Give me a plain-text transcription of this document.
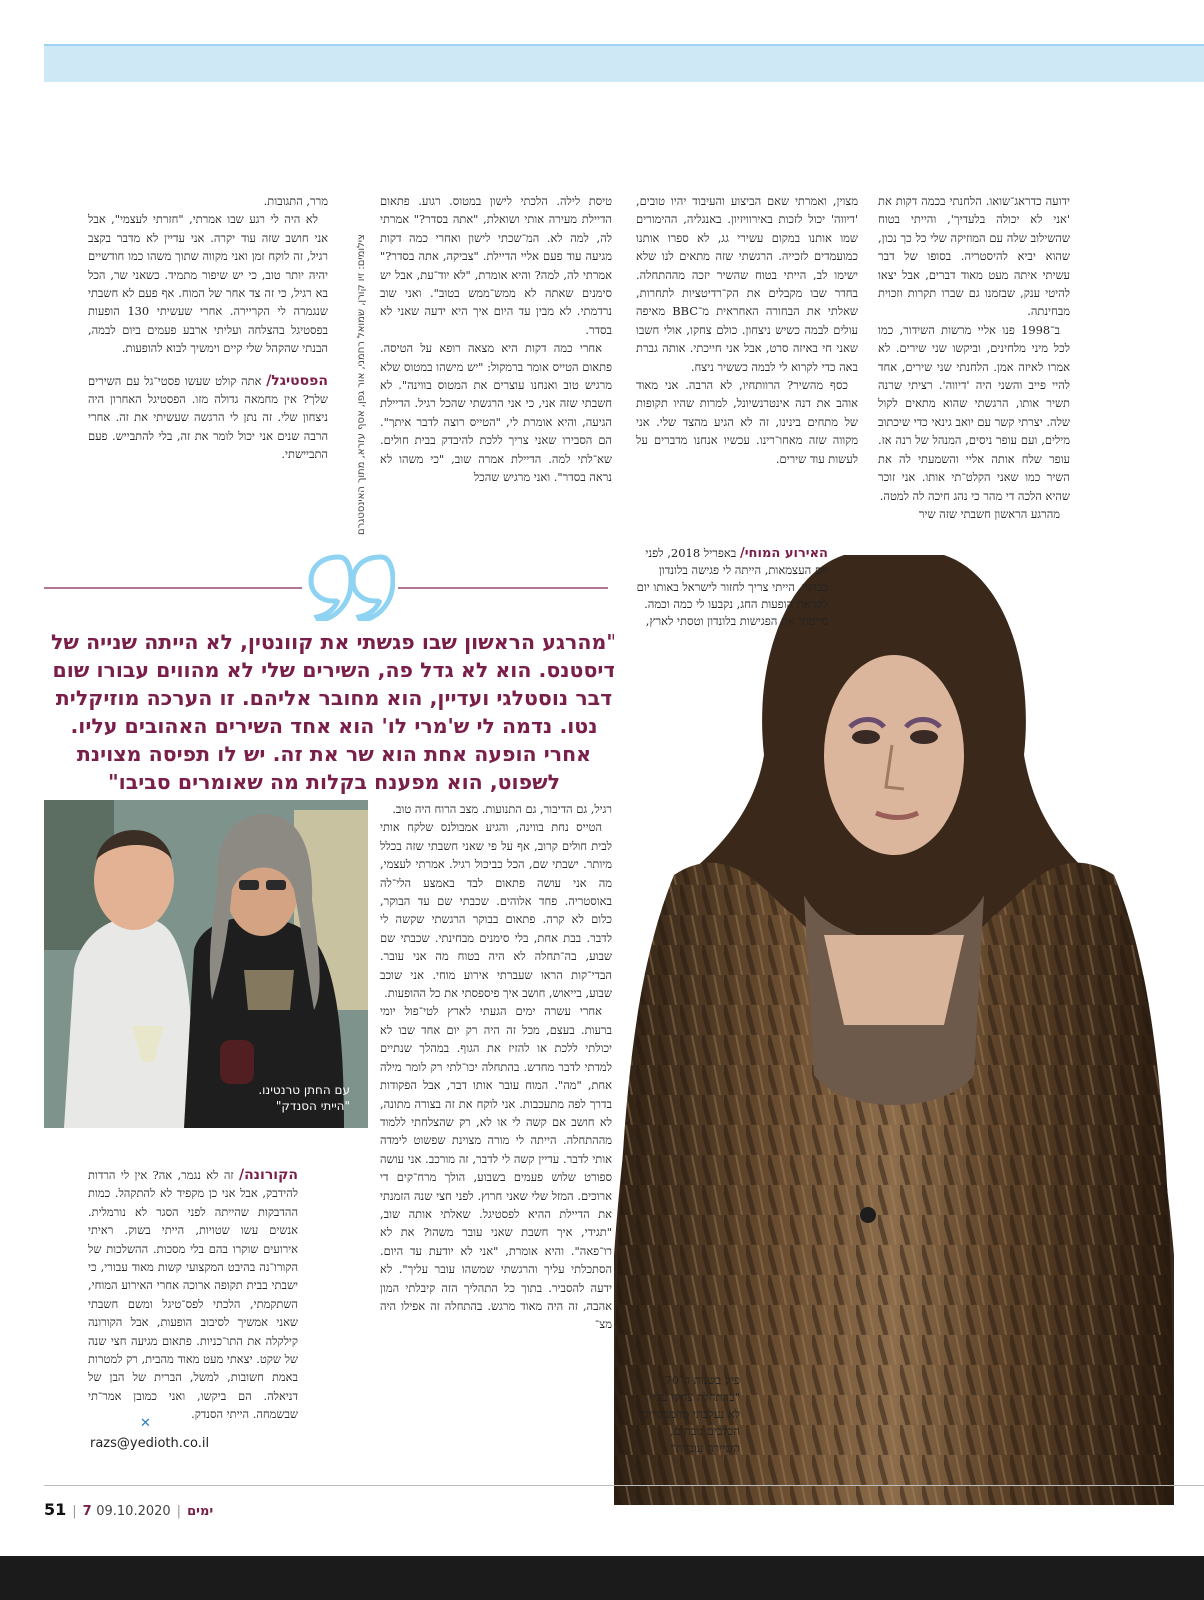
ידועה כדראג־שואו. הלחנתי בכמה דקות את 'אני לא יכולה בלעדיך', והייתי בטוח שהשילוב שלה עם המוזיקה שלי כל כך נכון, שהוא יביא להיסטריה. בסופו של דבר עשיתי איתה מעט מאוד דברים, אבל יצאו להיטי ענק, שבזמנו גם שברו תקרות וזכוית מבחינתה.

ב־1998 פנו אליי מרשות השידור, כמו לכל מיני מלחינים, וביקשו שני שירים. לא אמרו לאיזה אמן. הלחנתי שני שירים, אחד להיי פייב והשני היה 'דיווה'. רציתי שרנה תשיר אותו, הרגשתי שהוא מתאים לקול שלה. יצרתי קשר עם יואב גינאי כדי שיכתוב מילים, ועם עופר ניסים, המנהל של רנה אז. עופר שלח אותה אליי והשמעתי לה את השיר כמו שאני הקלט־תי אותו. אני זוכר שהיא הלכה די מהר כי נהג חיכה לה למטה.

מהרגע הראשון חשבתי שזה שיר

מצוין, ואמרתי שאם הביצוע והעיבוד יהיו טובים, 'דיווה' יכול לזכות באירוויזיון. באנגליה, ההימורים שמו אותנו במקום עשירי גג, לא ספרו אותנו כמועמדים לזכייה. הרגשתי שזה מתאים לנו שלא ישימו לב, הייתי בטוח שהשיר יזכה מההתחלה. בחדר שבו מקבלים את הק־רדיטציות לתחרות, שאלתי את הבחורה האחראית מ־BBC מאיפה עולים לבמה כשיש ניצחון. כולם צחקו, אולי חשבו שאני חי באיזה סרט, אבל אני חייכתי. אותה גברת באה כדי לקרוא לי לבמה כששיר ניצח.

כסף מהשיר? הרוותחיו, לא הרבה. אני מאוד אוהב את דנה אינטרנשיונל, למרות שהיו תקופות של מתחים בינינו, זה לא הגיע מהצד שלי. אני מקווה שזה מאחו־רינו. עכשיו אנחנו מדברים על לעשות עוד שירים.

טיסת לילה. הלכתי לישון במטוס. רגוע. פתאום הדיילת מעירה אותי ושואלת, "אתה בסדר?" אמרתי לה, למה לא. המ־שכתי לישון ואחרי כמה דקות מגיעה עוד פעם אליי הדיילת. "צביקה, אתה בסדר?" אמרתי לה, למה? והיא אומרת, "לא יוד־עת, אבל יש סימנים שאתה לא ממש־ממש בטוב". ואני שוב נרדמתי. לא מבין עד היום איך היא ידעה שאני לא בסדר.

אחרי כמה דקות היא מצאה רופא על הטיסה. פתאום הטייס אומר ברמקול: "יש מישהו במטוס שלא מרגיש טוב ואנחנו עוצרים את המטוס בווינה". לא חשבתי שזה אני, כי אני הרגשתי שהכל רגיל. הדיילת הגיעה, והיא אומרת לי, "הטייס רוצה לדבר איתך". הם הסבירו שאני צריך ללכת להיבדק בבית חולים. שא־לתי למה. הדיילת אמרה שוב, "כי משהו לא נראה בסדר". ואני מרגיש שהכל

צילומים: זיו קורן, שמואל רחמני, אור גפן, אסף עזרא, מתוך האינסטגרם

מרר, התגובות.

לא היה לי רגע שבו אמרתי, "חזרתי לעצמי", אבל אני חושב שזה עוד יקרה. אני עדיין לא מדבר בקצב רגיל, זה לוקח זמן ואני מקווה שתוך משהו כמו חודשיים יהיה יותר טוב, כי יש שיפור מתמיד. כשאני שר, הכל בא רגיל, כי זה צד אחר של המוח. אף פעם לא חשבתי שנגמרה לי הקריירה. אחרי שעשיתי 130 הופעות בפסטיגל בהצלחה ועליתי ארבע פעמים ביום לבמה, הבנתי שהקהל שלי קיים וימשיך לבוא להופעות.

הפסטיגל/ אתה קולט שעשו פסטי־גל עם השירים שלך? אין מחמאה גדולה מזו. הפסטיגל האחרון היה ניצחון שלי. זה נתן לי הרגשה שעשיתי את זה. אחרי הרבה שנים אני יכול לומר את זה, בלי להתבייש. פעם התביישתי.

"מהרגע הראשון שבו פגשתי את קוונטין, לא הייתה שנייה של דיסטנס. הוא לא גדל פה, השירים שלי לא מהווים עבורו שום דבר נוסטלגי ועדיין, הוא מחובר אליהם. זו הערכה מוזיקלית נטו. נדמה לי ש'מרי לו' הוא אחד השירים האהובים עליו. אחרי הופעה אחת הוא שר את זה. יש לו תפיסה מצוינת לשפוט, הוא מפענח בקלות מה שאומרים סביבו"

האירוע המוחי/ באפריל 2018, לפני יום העצמאות, הייתה לי פגישה בלונדון בבוקר. הייתי צריך לחזור לישראל באותו יום לקראת הופעות החג, נקבעו לי כמה וכמה. סיימתי את הפגישות בלונדון וטסתי לארץ,
פיק בשנות ה־70. "בהתחלה צחקו עליי. לא נעלבתי מהמבקרים. הכלבים נובחים, השיירה עוברת"

רגיל, גם הדיבור, גם התנועות. מצב הרוח היה טוב.

הטייס נחת בווינה, והגיע אמבולנס שלקח אותי לבית חולים קרוב, אף על פי שאני חשבתי שזה בכלל מיותר. ישבתי שם, הכל כביכול רגיל. אמרתי לעצמי, מה אני עושה פתאום לבד באמצע הלי־לה באוסטריה. פחד אלוהים. שכבתי שם עד הבוקר, כלום לא קרה. פתאום בבוקר הרגשתי שקשה לי לדבר. בבת אחת, בלי סימנים מבחינתי. שכבתי שם שבוע, בה־תחלה לא היה בטוח מה אני עובר. הבדי־קות הראו שעברתי אירוע מוחי. אני שוכב שבוע, בייאוש, חושב איך פיספסתי את כל ההופעות.

אחרי עשרה ימים הגעתי לארץ לטי־פול יומי ברעות. בעצם, מכל זה היה רק יום אחד שבו לא יכולתי ללכת או להזיז את הגוף. במהלך שנתיים למדתי לדבר מחדש. בהתחלה יכו־לתי רק לומר מילה אחת, "מה". המוח עובר אותו דבר, אבל הפקודות בדרך לפה מתעכבות. אני לוקח את זה בצורה מתונה, לא חושב אם קשה לי או לא, רק שהצלחתי ללמוד מההתחלה. הייתה לי מורה מצוינת שפשוט לימדה אותי לדבר. עדיין קשה לי לדבר, זה מורכב. אני עושה ספורט שלוש פעמים בשבוע, הולך מרח־קים די ארוכים. המזל שלי שאני חרוץ. לפני חצי שנה הזמנתי את הדיילת ההיא לפסטיגל. שאלתי אותה שוב, "תגידי, איך חשבת שאני עובר משהו? את לא רו־פאה". והיא אומרת, "אני לא יודעת עד היום. הסתכלתי עליך והרגשתי שמשהו עובר עליך". לא ידעה להסביר. בתוך כל התהליך הזה קיבלתי המון אהבה, זה היה מאוד מרגש. בהתחלה זה אפילו היה מצ־

עם החתן טרנטינו.
"הייתי הסנדק"

הקורונה/ זה לא נגמר, אה? אין לי הרדות להידבק, אבל אני כן מקפיד לא להתקהל. כמות ההדבקות שהייתה לפני הסגר לא נורמלית. אנשים עשו שטויות, הייתי בשוק. ראיתי אירועים שוקרו בהם בלי מסכות. ההשלכות של הקורו־נה בהיבט המקצועי קשות מאוד עבורי, כי ישבתי בבית תקופה ארוכה אחרי האירוע המוחי, השתקמתי, הלכתי לפס־טיגל ומשם חשבתי שאני אמשיך לסיבוב הופעות, אבל הקורונה קילקלה את התו־כניות. פתאום מגיעה חצי שנה של שקט. יצאתי מעט מאוד מהבית, רק למטרות באמת חשובות, למשל, הברית של הבן של דניאלה. הם ביקשו, ואני כמובן אמר־תי שבשמחה. הייתי הסנדק.

✕
razs@yedioth.co.il
51 | 7 ימים|09.10.2020
